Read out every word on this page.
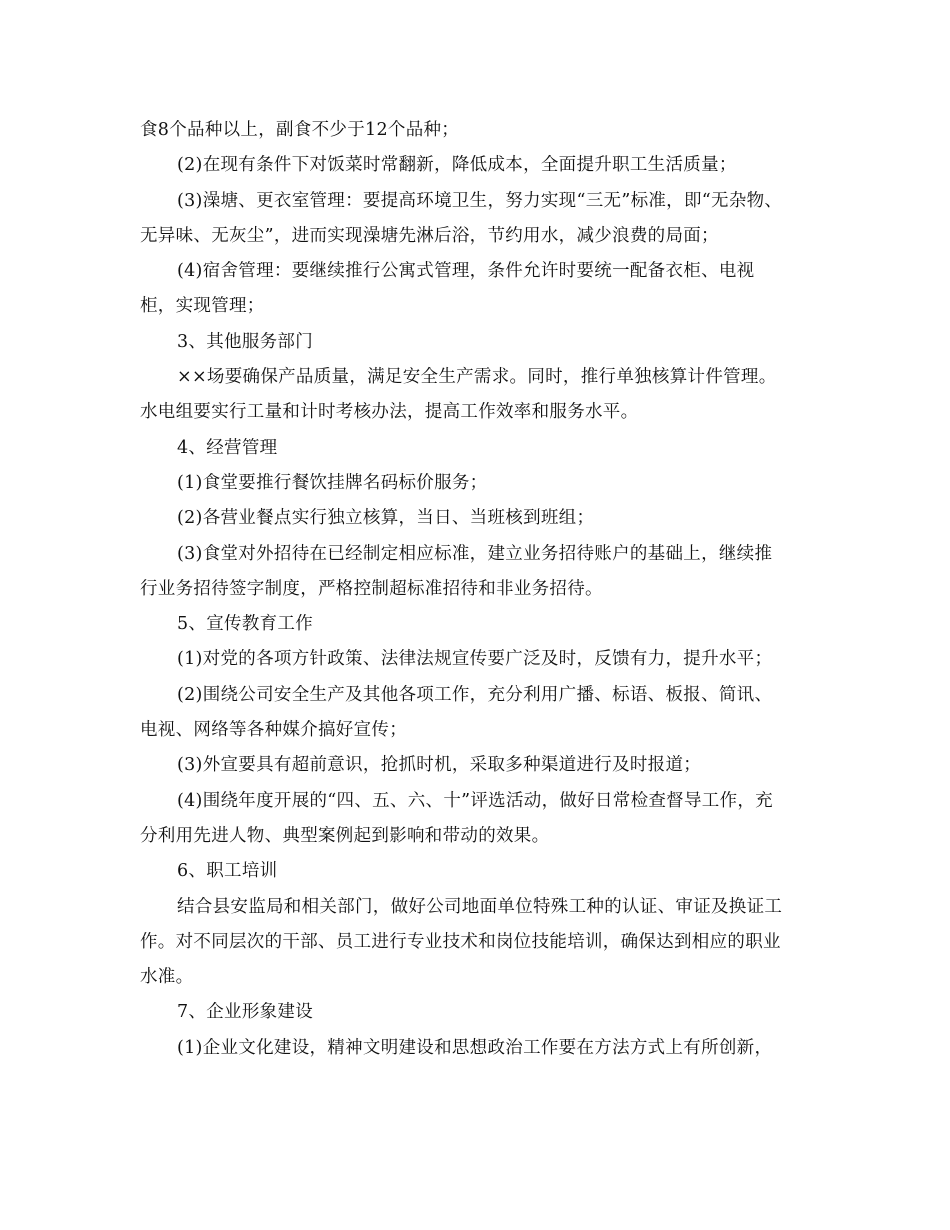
食8个品种以上，副食不少于12个品种；
(2)在现有条件下对饭菜时常翻新，降低成本，全面提升职工生活质量；
(3)澡塘、更衣室管理：要提高环境卫生，努力实现“三无”标准，即“无杂物、
无异味、无灰尘”，进而实现澡塘先淋后浴，节约用水，减少浪费的局面；
(4)宿舍管理：要继续推行公寓式管理，条件允许时要统一配备衣柜、电视
柜，实现管理；
3、其他服务部门
××场要确保产品质量，满足安全生产需求。同时，推行单独核算计件管理。
水电组要实行工量和计时考核办法，提高工作效率和服务水平。
4、经营管理
(1)食堂要推行餐饮挂牌名码标价服务；
(2)各营业餐点实行独立核算，当日、当班核到班组；
(3)食堂对外招待在已经制定相应标准，建立业务招待账户的基础上，继续推
行业务招待签字制度，严格控制超标准招待和非业务招待。
5、宣传教育工作
(1)对党的各项方针政策、法律法规宣传要广泛及时，反馈有力，提升水平；
(2)围绕公司安全生产及其他各项工作，充分利用广播、标语、板报、简讯、
电视、网络等各种媒介搞好宣传；
(3)外宣要具有超前意识，抢抓时机，采取多种渠道进行及时报道；
(4)围绕年度开展的“四、五、六、十”评选活动，做好日常检查督导工作，充
分利用先进人物、典型案例起到影响和带动的效果。
6、职工培训
结合县安监局和相关部门，做好公司地面单位特殊工种的认证、审证及换证工
作。对不同层次的干部、员工进行专业技术和岗位技能培训，确保达到相应的职业
水准。
7、企业形象建设
(1)企业文化建设，精神文明建设和思想政治工作要在方法方式上有所创新，
